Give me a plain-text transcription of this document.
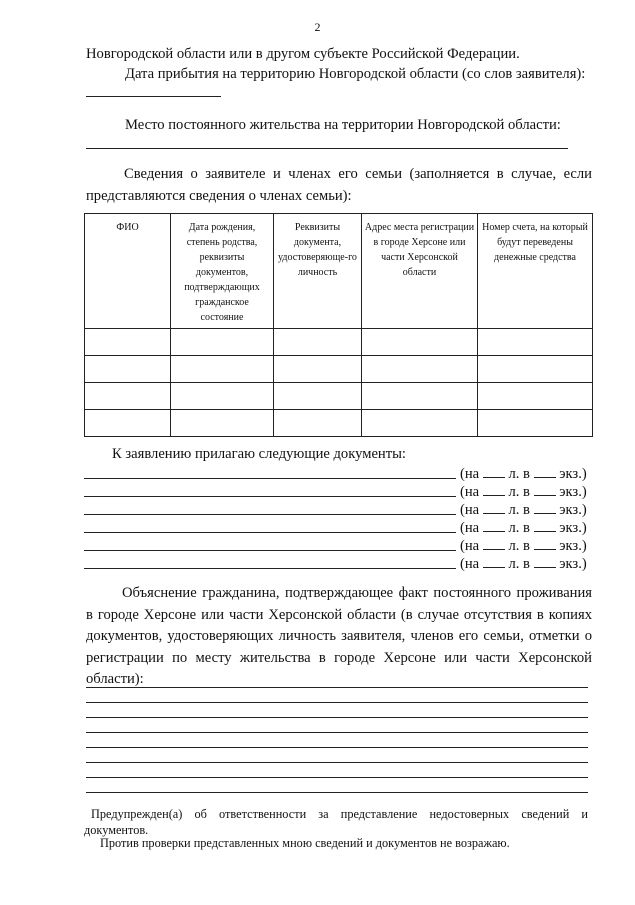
2
Новгородской области или в другом субъекте Российской Федерации.
Дата прибытия на территорию Новгородской области (со слов заявителя):
Место постоянного жительства на территории Новгородской области:
Сведения о заявителе и членах его семьи (заполняется в случае, если представляются сведения о членах семьи):
ФИО	Дата рождения, степень родства, реквизиты документов, подтверждающих гражданское состояние	Реквизиты документа, удостоверяюще-го личность	Адрес места регистрации в городе Херсоне или части Херсонской области	Номер счета, на который будут переведены денежные средства

К заявлению прилагаю следующие документы:
(на л. в экз.)
(на л. в экз.)
(на л. в экз.)
(на л. в экз.)
(на л. в экз.)
(на л. в экз.)
Объяснение гражданина, подтверждающее факт постоянного проживания в городе Херсоне или части Херсонской области (в случае отсутствия в копиях документов, удостоверяющих личность заявителя, членов его семьи, отметки о регистрации по месту жительства в городе Херсоне или части Херсонской области):
Предупрежден(а) об ответственности за представление недостоверных сведений и документов.
Против проверки представленных мною сведений и документов не возражаю.
